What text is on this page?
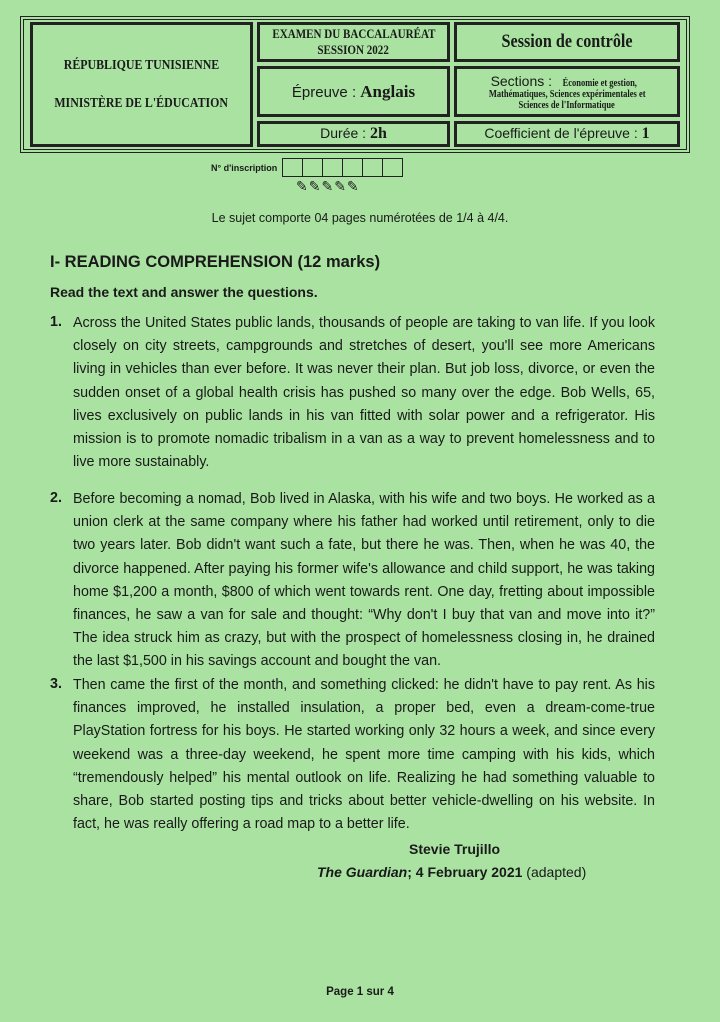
RÉPUBLIQUE TUNISIENNE
MINISTÈRE DE L'ÉDUCATION
EXAMEN DU BACCALAURÉAT
SESSION 2022	Session de contrôle
Épreuve : Anglais
Sections : Économie et gestion,
Mathématiques, Sciences expérimentales et
Sciences de l'Informatique
Durée : 2h	Coefficient de l'épreuve : 1
N° d'inscription
✎✎✎✎✎
Le sujet comporte 04 pages numérotées de 1/4 à 4/4.
I- READING COMPREHENSION (12 marks)
Read the text and answer the questions.
1. Across the United States public lands, thousands of people are taking to van life. If you look closely on city streets, campgrounds and stretches of desert, you'll see more Americans living in vehicles than ever before. It was never their plan. But job loss, divorce, or even the sudden onset of a global health crisis has pushed so many over the edge. Bob Wells, 65, lives exclusively on public lands in his van fitted with solar power and a refrigerator. His mission is to promote nomadic tribalism in a van as a way to prevent homelessness and to live more sustainably.
2. Before becoming a nomad, Bob lived in Alaska, with his wife and two boys. He worked as a union clerk at the same company where his father had worked until retirement, only to die two years later. Bob didn't want such a fate, but there he was. Then, when he was 40, the divorce happened. After paying his former wife's allowance and child support, he was taking home $1,200 a month, $800 of which went towards rent. One day, fretting about impossible finances, he saw a van for sale and thought: “Why don't I buy that van and move into it?” The idea struck him as crazy, but with the prospect of homelessness closing in, he drained the last $1,500 in his savings account and bought the van.
3. Then came the first of the month, and something clicked: he didn't have to pay rent. As his finances improved, he installed insulation, a proper bed, even a dream-come-true PlayStation fortress for his boys. He started working only 32 hours a week, and since every weekend was a three-day weekend, he spent more time camping with his kids, which “tremendously helped” his mental outlook on life. Realizing he had something valuable to share, Bob started posting tips and tricks about better vehicle-dwelling on his website. In fact, he was really offering a road map to a better life.
Stevie Trujillo
The Guardian; 4 February 2021 (adapted)
Page 1 sur 4
